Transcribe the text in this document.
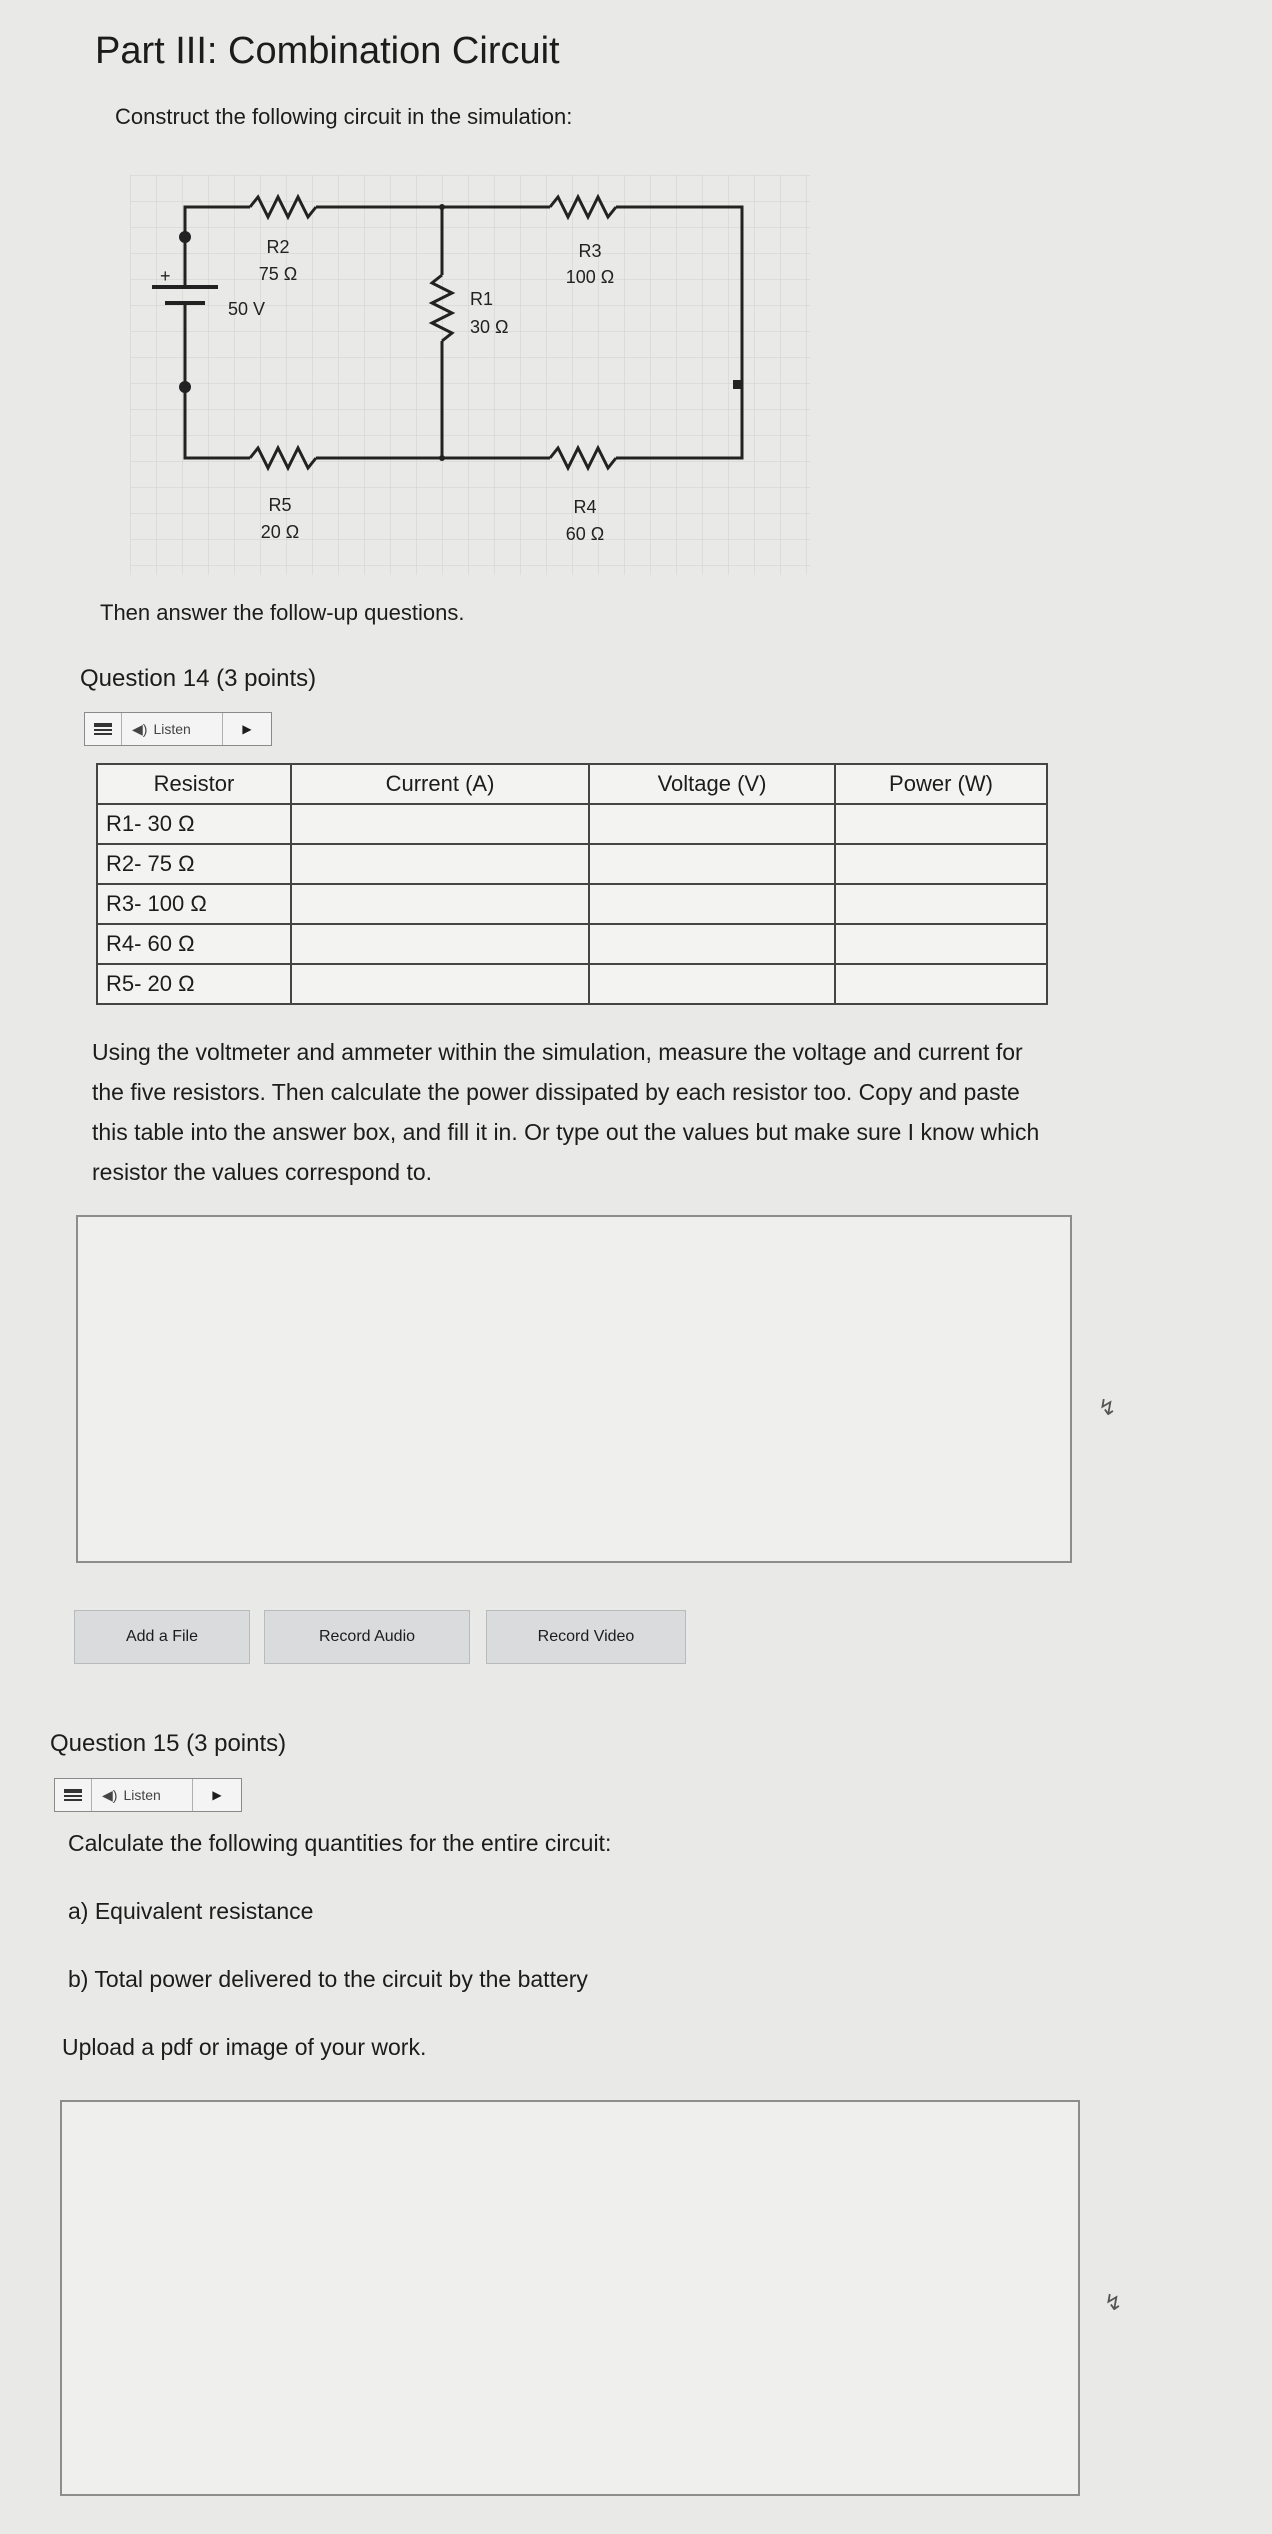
Part III: Combination Circuit
Construct the following circuit in the simulation:
+
50 V
R2
75 Ω
R3
100 Ω
R1
30 Ω
R5
20 Ω
R4
60 Ω
Then answer the follow-up questions.
Question 14 (3 points)
◀) Listen	▶
Resistor	Current (A)	Voltage (V)	Power (W)
R1- 30 Ω			
R2- 75 Ω			
R3- 100 Ω			
R4- 60 Ω			
R5- 20 Ω			
Using the voltmeter and ammeter within the simulation, measure the voltage and current for the five resistors. Then calculate the power dissipated by each resistor too. Copy and paste this table into the answer box, and fill it in. Or type out the values but make sure I know which resistor the values correspond to.
↯
Add a File	Record Audio	Record Video
Question 15 (3 points)
◀) Listen	▶
Calculate the following quantities for the entire circuit:
a) Equivalent resistance
b) Total power delivered to the circuit by the battery
Upload a pdf or image of your work.
↯
